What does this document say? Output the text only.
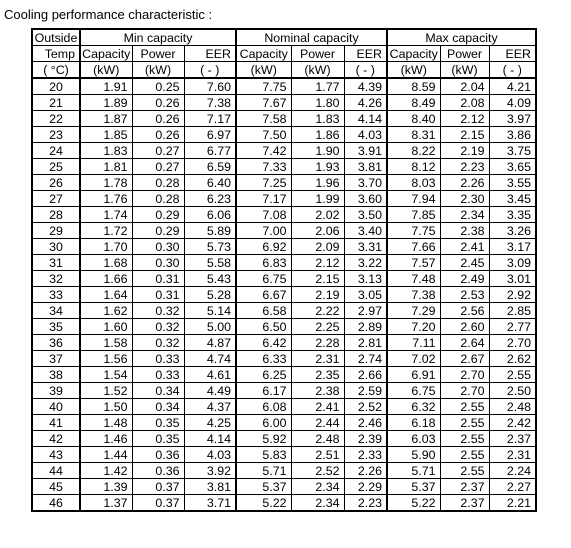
Cooling performance characteristic :
Outside	Min capacity			Nominal capacity			Max capacity		
Temp	Capacity	Power	EER	Capacity	Power	EER	Capacity	Power	EER
( °C)	(kW)	(kW)	( - )	(kW)	(kW)	( - )	(kW)	(kW)	( - )
20	1.91	0.25	7.60	7.75	1.77	4.39	8.59	2.04	4.21
21	1.89	0.26	7.38	7.67	1.80	4.26	8.49	2.08	4.09
22	1.87	0.26	7.17	7.58	1.83	4.14	8.40	2.12	3.97
23	1.85	0.26	6.97	7.50	1.86	4.03	8.31	2.15	3.86
24	1.83	0.27	6.77	7.42	1.90	3.91	8.22	2.19	3.75
25	1.81	0.27	6.59	7.33	1.93	3.81	8.12	2.23	3.65
26	1.78	0.28	6.40	7.25	1.96	3.70	8.03	2.26	3.55
27	1.76	0.28	6.23	7.17	1.99	3.60	7.94	2.30	3.45
28	1.74	0.29	6.06	7.08	2.02	3.50	7.85	2.34	3.35
29	1.72	0.29	5.89	7.00	2.06	3.40	7.75	2.38	3.26
30	1.70	0.30	5.73	6.92	2.09	3.31	7.66	2.41	3.17
31	1.68	0.30	5.58	6.83	2.12	3.22	7.57	2.45	3.09
32	1.66	0.31	5.43	6.75	2.15	3.13	7.48	2.49	3.01
33	1.64	0.31	5.28	6.67	2.19	3.05	7.38	2.53	2.92
34	1.62	0.32	5.14	6.58	2.22	2.97	7.29	2.56	2.85
35	1.60	0.32	5.00	6.50	2.25	2.89	7.20	2.60	2.77
36	1.58	0.32	4.87	6.42	2.28	2.81	7.11	2.64	2.70
37	1.56	0.33	4.74	6.33	2.31	2.74	7.02	2.67	2.62
38	1.54	0.33	4.61	6.25	2.35	2.66	6.91	2.70	2.55
39	1.52	0.34	4.49	6.17	2.38	2.59	6.75	2.70	2.50
40	1.50	0.34	4.37	6.08	2.41	2.52	6.32	2.55	2.48
41	1.48	0.35	4.25	6.00	2.44	2.46	6.18	2.55	2.42
42	1.46	0.35	4.14	5.92	2.48	2.39	6.03	2.55	2.37
43	1.44	0.36	4.03	5.83	2.51	2.33	5.90	2.55	2.31
44	1.42	0.36	3.92	5.71	2.52	2.26	5.71	2.55	2.24
45	1.39	0.37	3.81	5.37	2.34	2.29	5.37	2.37	2.27
46	1.37	0.37	3.71	5.22	2.34	2.23	5.22	2.37	2.21
